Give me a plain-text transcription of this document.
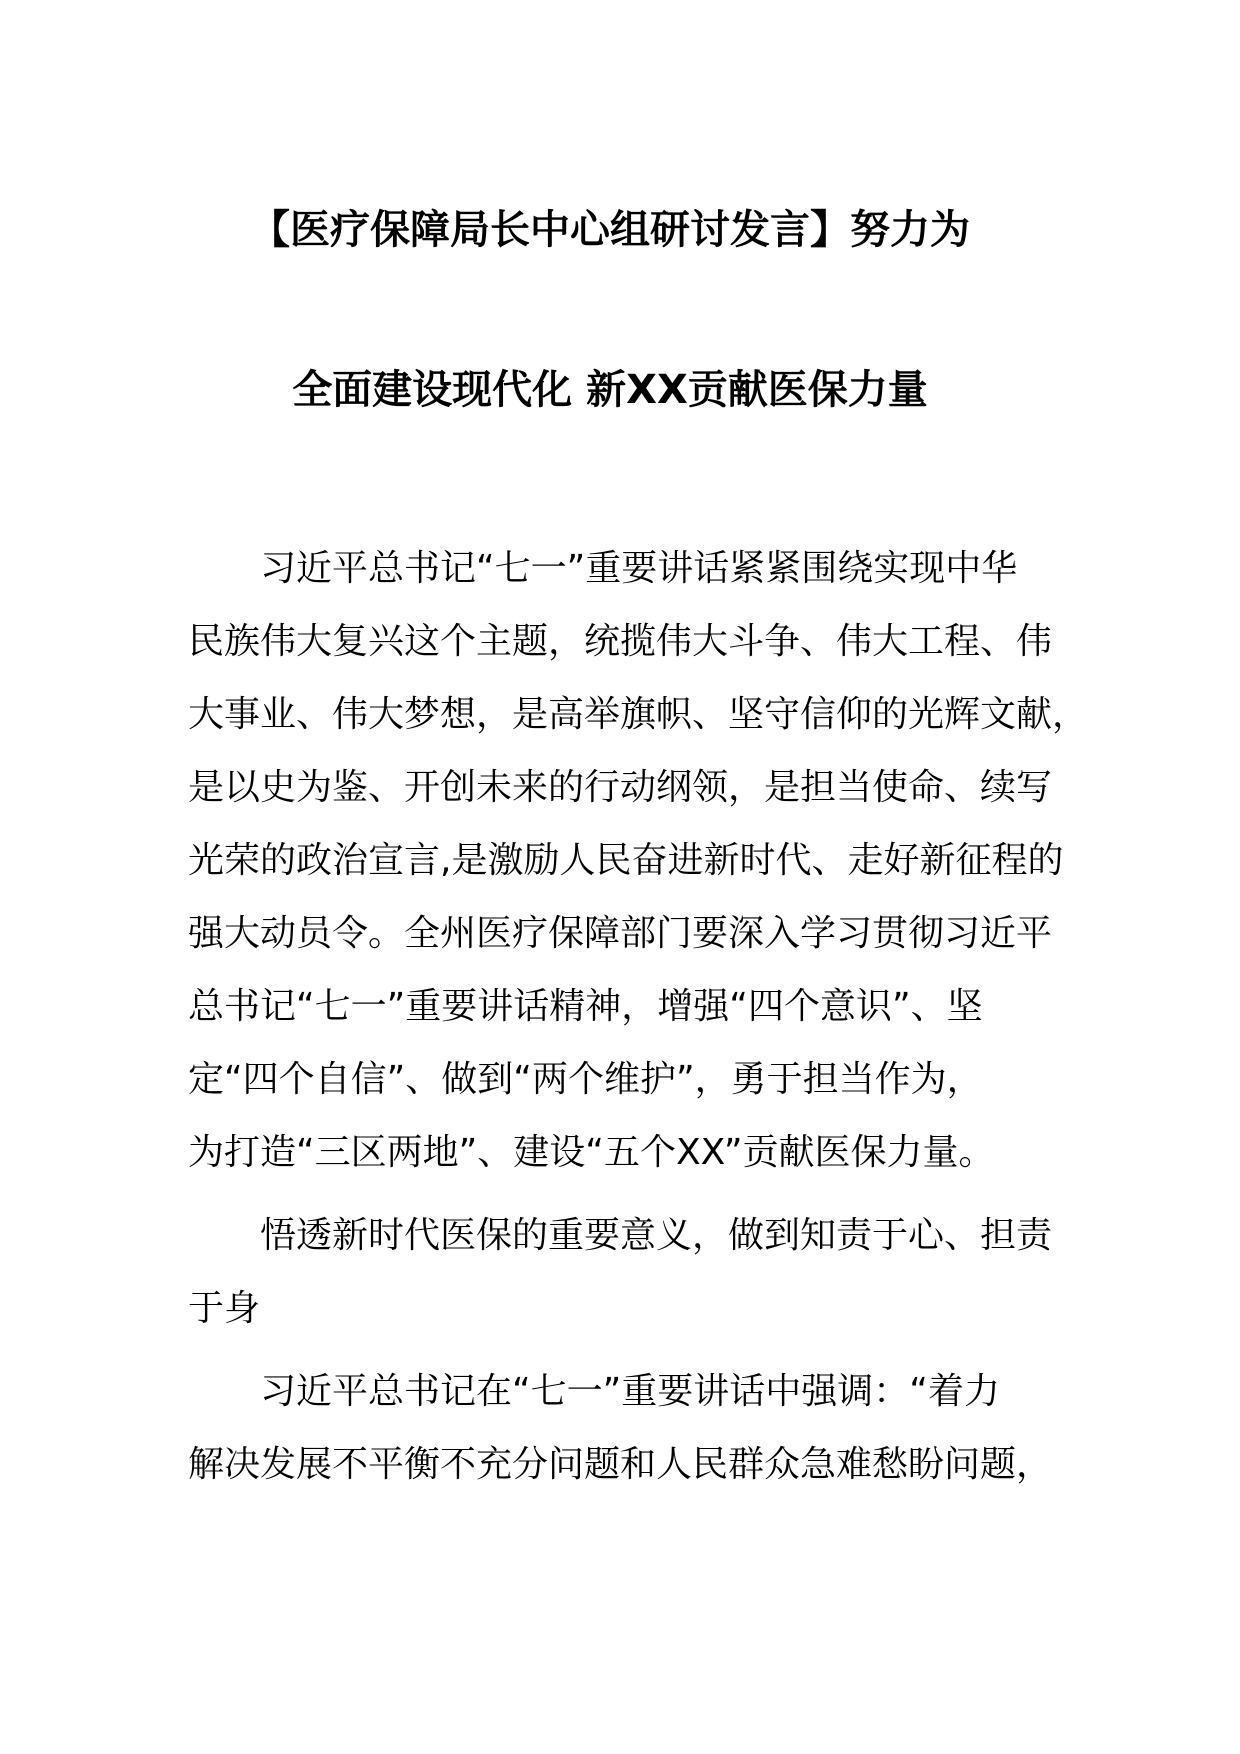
【医疗保障局长中心组研讨发言】努力为
全面建设现代化 新XX贡献医保力量

习近平总书记“七一”重要讲话紧紧围绕实现中华
民族伟大复兴这个主题，统揽伟大斗争、伟大工程、伟
大事业、伟大梦想，是高举旗帜、坚守信仰的光辉文献，
是以史为鉴、开创未来的行动纲领，是担当使命、续写
光荣的政治宣言,是激励人民奋进新时代、走好新征程的
强大动员令。全州医疗保障部门要深入学习贯彻习近平
总书记“七一”重要讲话精神，增强“四个意识”、坚
定“四个自信”、做到“两个维护”，勇于担当作为，
为打造“三区两地”、建设“五个XX”贡献医保力量。

悟透新时代医保的重要意义，做到知责于心、担责
于身

习近平总书记在“七一”重要讲话中强调：“着力
解决发展不平衡不充分问题和人民群众急难愁盼问题，
